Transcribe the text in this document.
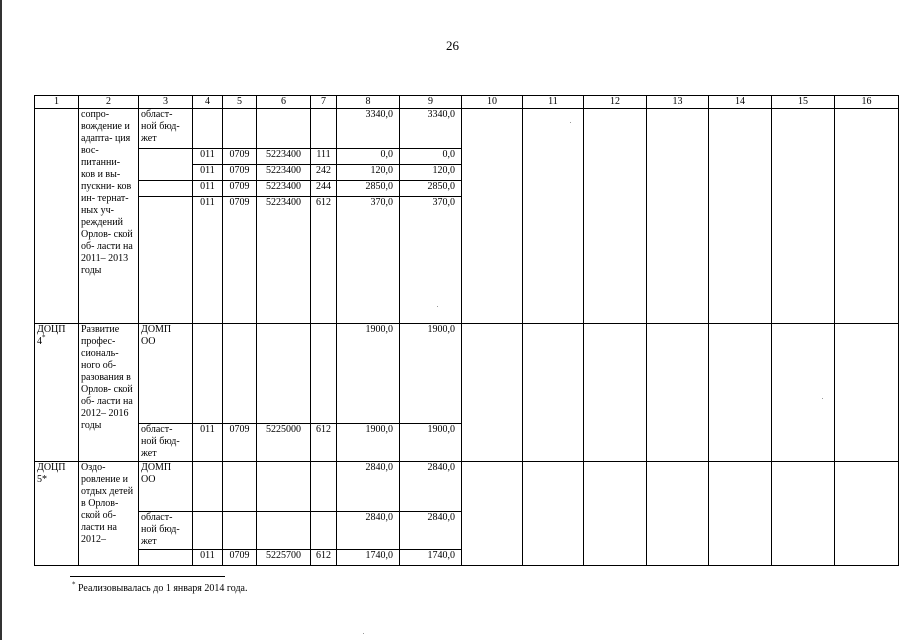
26
1	2	3	4	5	6	7	8	9	10	11	12	13	14	15	16
	сопро- вождение и адапта- ция вос- питанни- ков и вы- пускни- ков ин- тернат- ных уч- реждений Орлов- ской об- ласти на 2011– 2013 годы	област-
ной бюд-
жет					3340,0	3340,0							
			011	0709	5223400	111	0,0	0,0							
			011	0709	5223400	242	120,0	120,0							
			011	0709	5223400	244	2850,0	2850,0							
			011	0709	5223400	612	370,0	370,0							
ДОЦП
4*	Развитие профес- сиональ- ного об- разования в Орлов- ской об- ласти на 2012– 2016 годы	ДОМП
ОО					1900,0	1900,0							
		област-
ной бюд-
жет	011	0709	5225000	612	1900,0	1900,0							
ДОЦП
5*	Оздо- ровление и отдых детей в Орлов- ской об- ласти на 2012–	ДОМП
ОО					2840,0	2840,0							
		област-
ной бюд-
жет					2840,0	2840,0							
			011	0709	5225700	612	1740,0	1740,0							
* Реализовывалась до 1 января 2014 года.
